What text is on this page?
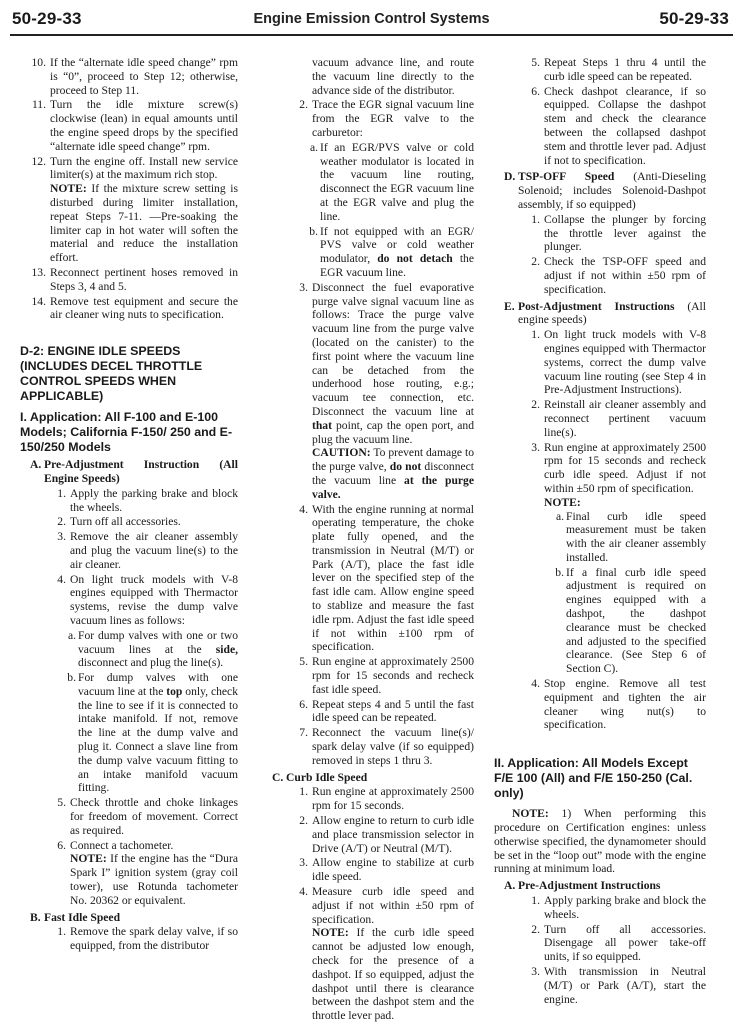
50-29-33	Engine Emission Control Systems	50-29-33
10. If the “alternate idle speed change” rpm is “0”, proceed to Step 12; otherwise, proceed to Step 11.
11. Turn the idle mixture screw(s) clockwise (lean) in equal amounts until the engine speed drops by the specified “alternate idle speed change” rpm.
12. Turn the engine off. Install new service limiter(s) at the maximum rich stop.
NOTE: If the mixture screw setting is disturbed during limiter installation, repeat Steps 7-11. —Pre-soaking the limiter cap in hot water will soften the material and reduce the installation effort.
13. Reconnect pertinent hoses removed in Steps 3, 4 and 5.
14. Remove test equipment and secure the air cleaner wing nuts to specification.
D-2: ENGINE IDLE SPEEDS (INCLUDES DECEL THROTTLE CONTROL SPEEDS WHEN APPLICABLE)
I. Application: All F-100 and E-100 Models; California F-150/ 250 and E-150/250 Models
A. Pre-Adjustment Instruction (All Engine Speeds)
1. Apply the parking brake and block the wheels.
2. Turn off all accessories.
3. Remove the air cleaner assembly and plug the vacuum line(s) to the air cleaner.
4. On light truck models with V-8 engines equipped with Thermactor systems, revise the dump valve vacuum lines as follows:
a. For dump valves with one or two vacuum lines at the side, disconnect and plug the line(s).
b. For dump valves with one vacuum line at the top only, check the line to see if it is connected to intake manifold. If not, remove the line at the dump valve and plug it. Connect a slave line from the dump valve vacuum fitting to an intake manifold vacuum fitting.
5. Check throttle and choke linkages for freedom of movement. Correct as required.
6. Connect a tachometer.
NOTE: If the engine has the “Dura Spark I” ignition system (gray coil tower), use Rotunda tachometer No. 20362 or equivalent.
B. Fast Idle Speed
1. Remove the spark delay valve, if so equipped, from the distributor
vacuum advance line, and route the vacuum line directly to the advance side of the distributor.
2. Trace the EGR signal vacuum line from the EGR valve to the carburetor:
a. If an EGR/PVS valve or cold weather modulator is located in the vacuum line routing, disconnect the EGR vacuum line at the EGR valve and plug the line.
b. If not equipped with an EGR/ PVS valve or cold weather modulator, do not detach the EGR vacuum line.
3. Disconnect the fuel evaporative purge valve signal vacuum line as follows: Trace the purge valve vacuum line from the purge valve (located on the canister) to the first point where the vacuum line can be detached from the underhood hose routing, e.g.; vacuum tee connection, etc. Disconnect the vacuum line at that point, cap the open port, and plug the vacuum line.
CAUTION: To prevent damage to the purge valve, do not disconnect the vacuum line at the purge valve.
4. With the engine running at normal operating temperature, the choke plate fully opened, and the transmission in Neutral (M/T) or Park (A/T), place the fast idle lever on the specified step of the fast idle cam. Allow engine speed to stablize and measure the fast idle rpm. Adjust the fast idle speed if not within ±100 rpm of specification.
5. Run engine at approximately 2500 rpm for 15 seconds and recheck fast idle speed.
6. Repeat steps 4 and 5 until the fast idle speed can be repeated.
7. Reconnect the vacuum line(s)/ spark delay valve (if so equipped) removed in steps 1 thru 3.
C. Curb Idle Speed
1. Run engine at approximately 2500 rpm for 15 seconds.
2. Allow engine to return to curb idle and place transmission selector in Drive (A/T) or Neutral (M/T).
3. Allow engine to stabilize at curb idle speed.
4. Measure curb idle speed and adjust if not within ±50 rpm of specification.
NOTE: If the curb idle speed cannot be adjusted low enough, check for the presence of a dashpot. If so equipped, adjust the dashpot until there is clearance between the dashpot stem and the throttle lever pad.
5. Repeat Steps 1 thru 4 until the curb idle speed can be repeated.
6. Check dashpot clearance, if so equipped. Collapse the dashpot stem and check the clearance between the collapsed dashpot stem and throttle lever pad. Adjust if not to specification.
D. TSP-OFF Speed (Anti-Dieseling Solenoid; includes Solenoid-Dashpot assembly, if so equipped)
1. Collapse the plunger by forcing the throttle lever against the plunger.
2. Check the TSP-OFF speed and adjust if not within ±50 rpm of specification.
E. Post-Adjustment Instructions (All engine speeds)
1. On light truck models with V-8 engines equipped with Thermactor systems, correct the dump valve vacuum line routing (see Step 4 in Pre-Adjustment Instructions).
2. Reinstall air cleaner assembly and reconnect pertinent vacuum line(s).
3. Run engine at approximately 2500 rpm for 15 seconds and recheck curb idle speed. Adjust if not within ±50 rpm of specification.
NOTE:
a. Final curb idle speed measurement must be taken with the air cleaner assembly installed.
b. If a final curb idle speed adjustment is required on engines equipped with a dashpot, the dashpot clearance must be checked and adjusted to the specified clearance. (See Step 6 of Section C).
4. Stop engine. Remove all test equipment and tighten the air cleaner wing nut(s) to specification.
II. Application: All Models Except F/E 100 (All) and F/E 150-250 (Cal. only)
NOTE: 1) When performing this procedure on Certification engines: unless otherwise specified, the dynamometer should be set in the “loop out” mode with the engine running at minimum load.
A. Pre-Adjustment Instructions
1. Apply parking brake and block the wheels.
2. Turn off all accessories. Disengage all power take-off units, if so equipped.
3. With transmission in Neutral (M/T) or Park (A/T), start the engine.
